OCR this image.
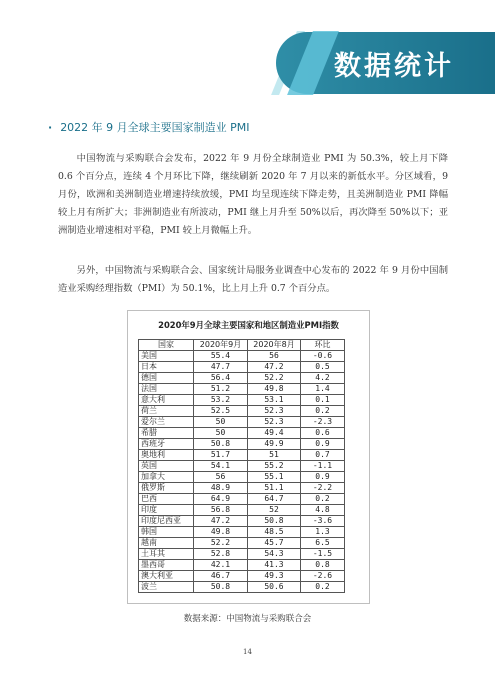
数据统计
· 2022 年 9 月全球主要国家制造业 PMI

中国物流与采购联合会发布，2022 年 9 月份全球制造业 PMI 为 50.3%，较上月下降 0.6 个百分点，连续 4 个月环比下降，继续刷新 2020 年 7 月以来的新低水平。分区域看，9 月份，欧洲和美洲制造业增速持续放缓，PMI 均呈现连续下降走势，且美洲制造业 PMI 降幅较上月有所扩大；非洲制造业有所波动，PMI 继上月升至 50%以后，再次降至 50%以下；亚洲制造业增速相对平稳，PMI 较上月微幅上升。

另外，中国物流与采购联合会、国家统计局服务业调查中心发布的 2022 年 9 月份中国制造业采购经理指数（PMI）为 50.1%，比上月上升 0.7 个百分点。

2020年9月全球主要国家和地区制造业PMI指数
国家	2020年9月	2020年8月	环比
美国	55.4	56	-0.6
日本	47.7	47.2	0.5
德国	56.4	52.2	4.2
法国	51.2	49.8	1.4
意大利	53.2	53.1	0.1
荷兰	52.5	52.3	0.2
爱尔兰	50	52.3	-2.3
希腊	50	49.4	0.6
西班牙	50.8	49.9	0.9
奥地利	51.7	51	0.7
英国	54.1	55.2	-1.1
加拿大	56	55.1	0.9
俄罗斯	48.9	51.1	-2.2
巴西	64.9	64.7	0.2
印度	56.8	52	4.8
印度尼西亚	47.2	50.8	-3.6
韩国	49.8	48.5	1.3
越南	52.2	45.7	6.5
土耳其	52.8	54.3	-1.5
墨西哥	42.1	41.3	0.8
澳大利亚	46.7	49.3	-2.6
波兰	50.8	50.6	0.2
数据来源：中国物流与采购联合会
14
